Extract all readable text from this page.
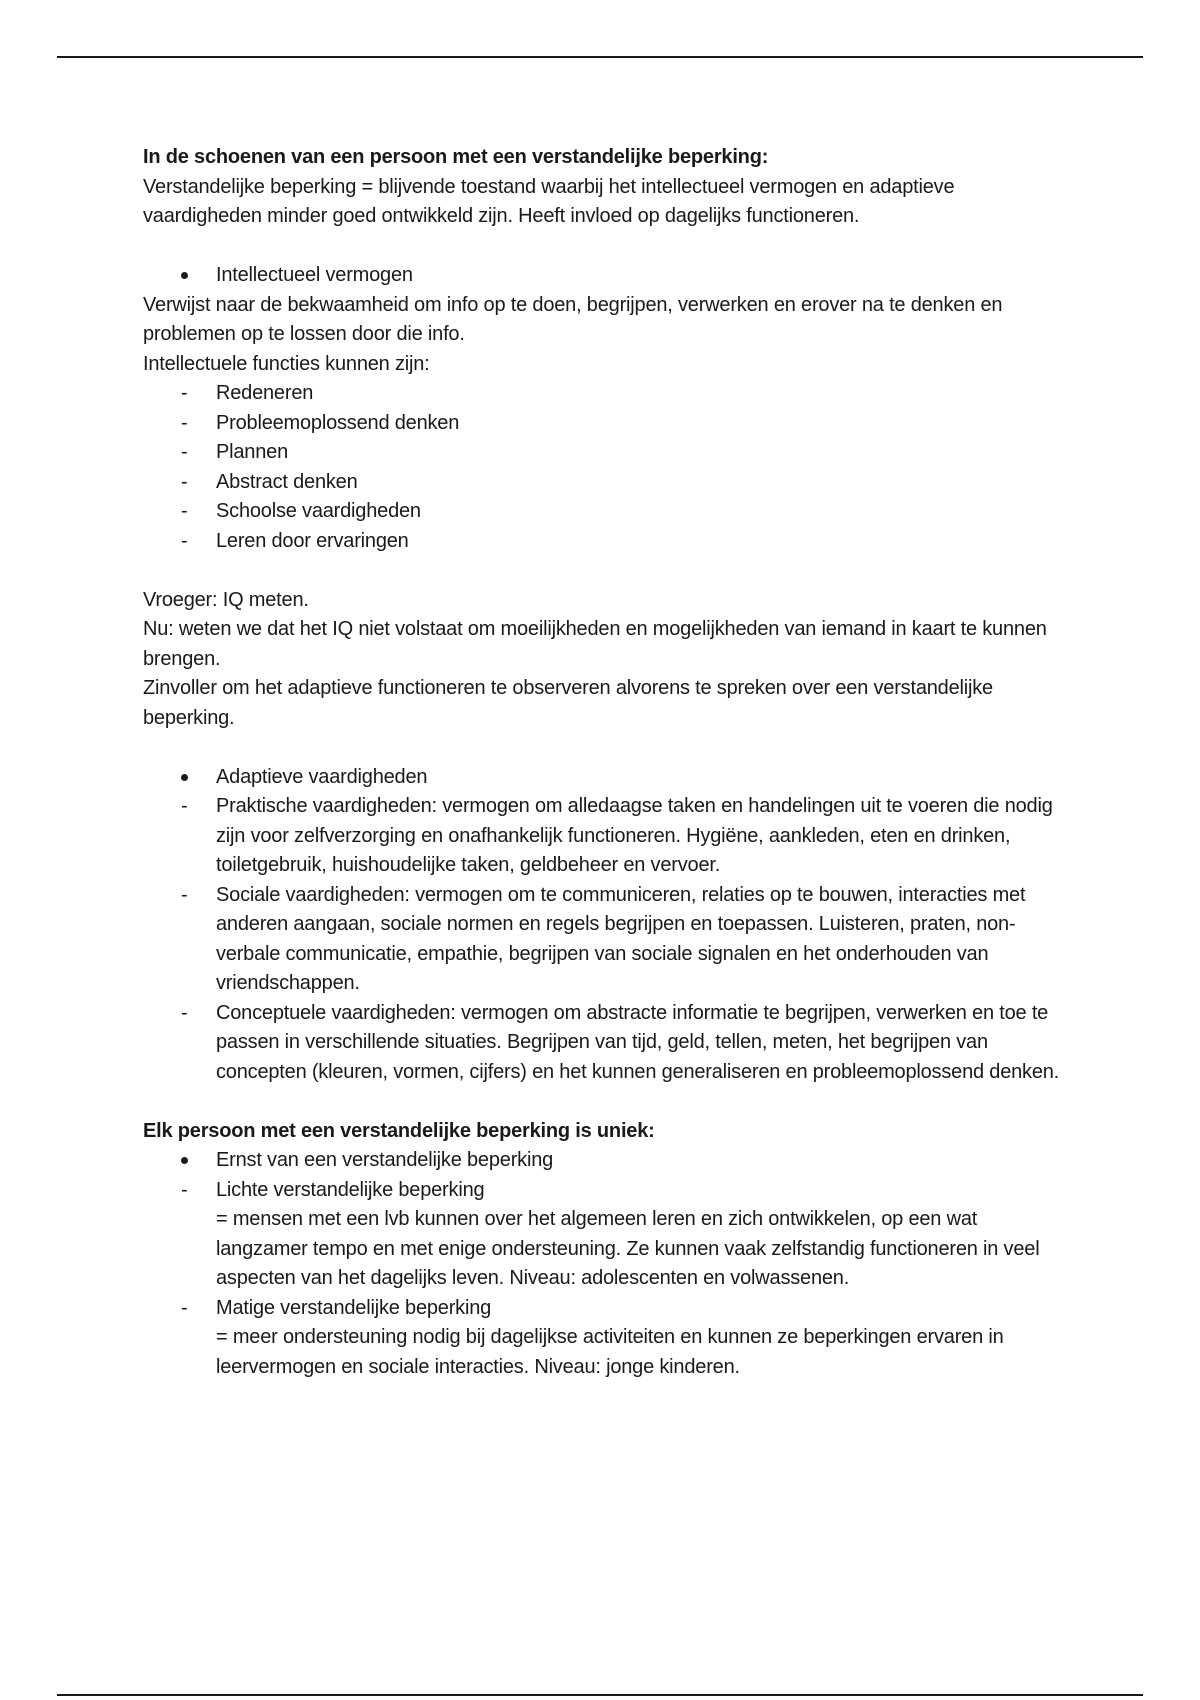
In de schoenen van een persoon met een verstandelijke beperking:

Verstandelijke beperking = blijvende toestand waarbij het intellectueel vermogen en adaptieve vaardigheden minder goed ontwikkeld zijn. Heeft invloed op dagelijks functioneren.

Intellectueel vermogen

Verwijst naar de bekwaamheid om info op te doen, begrijpen, verwerken en erover na te denken en problemen op te lossen door die info.

Intellectuele functies kunnen zijn:

- Redeneren
- Probleemoplossend denken
- Plannen
- Abstract denken
- Schoolse vaardigheden
- Leren door ervaringen

Vroeger: IQ meten.

Nu: weten we dat het IQ niet volstaat om moeilijkheden en mogelijkheden van iemand in kaart te kunnen brengen.

Zinvoller om het adaptieve functioneren te observeren alvorens te spreken over een verstandelijke beperking.

Adaptieve vaardigheden
- Praktische vaardigheden: vermogen om alledaagse taken en handelingen uit te voeren die nodig zijn voor zelfverzorging en onafhankelijk functioneren. Hygiëne, aankleden, eten en drinken, toiletgebruik, huishoudelijke taken, geldbeheer en vervoer.
- Sociale vaardigheden: vermogen om te communiceren, relaties op te bouwen, interacties met anderen aangaan, sociale normen en regels begrijpen en toepassen. Luisteren, praten, non-verbale communicatie, empathie, begrijpen van sociale signalen en het onderhouden van vriendschappen.
- Conceptuele vaardigheden: vermogen om abstracte informatie te begrijpen, verwerken en toe te passen in verschillende situaties. Begrijpen van tijd, geld, tellen, meten, het begrijpen van concepten (kleuren, vormen, cijfers) en het kunnen generaliseren en probleemoplossend denken.

Elk persoon met een verstandelijke beperking is uniek:

Ernst van een verstandelijke beperking
- Lichte verstandelijke beperking
= mensen met een lvb kunnen over het algemeen leren en zich ontwikkelen, op een wat langzamer tempo en met enige ondersteuning. Ze kunnen vaak zelfstandig functioneren in veel aspecten van het dagelijks leven. Niveau: adolescenten en volwassenen.
- Matige verstandelijke beperking
= meer ondersteuning nodig bij dagelijkse activiteiten en kunnen ze beperkingen ervaren in leervermogen en sociale interacties. Niveau: jonge kinderen.
